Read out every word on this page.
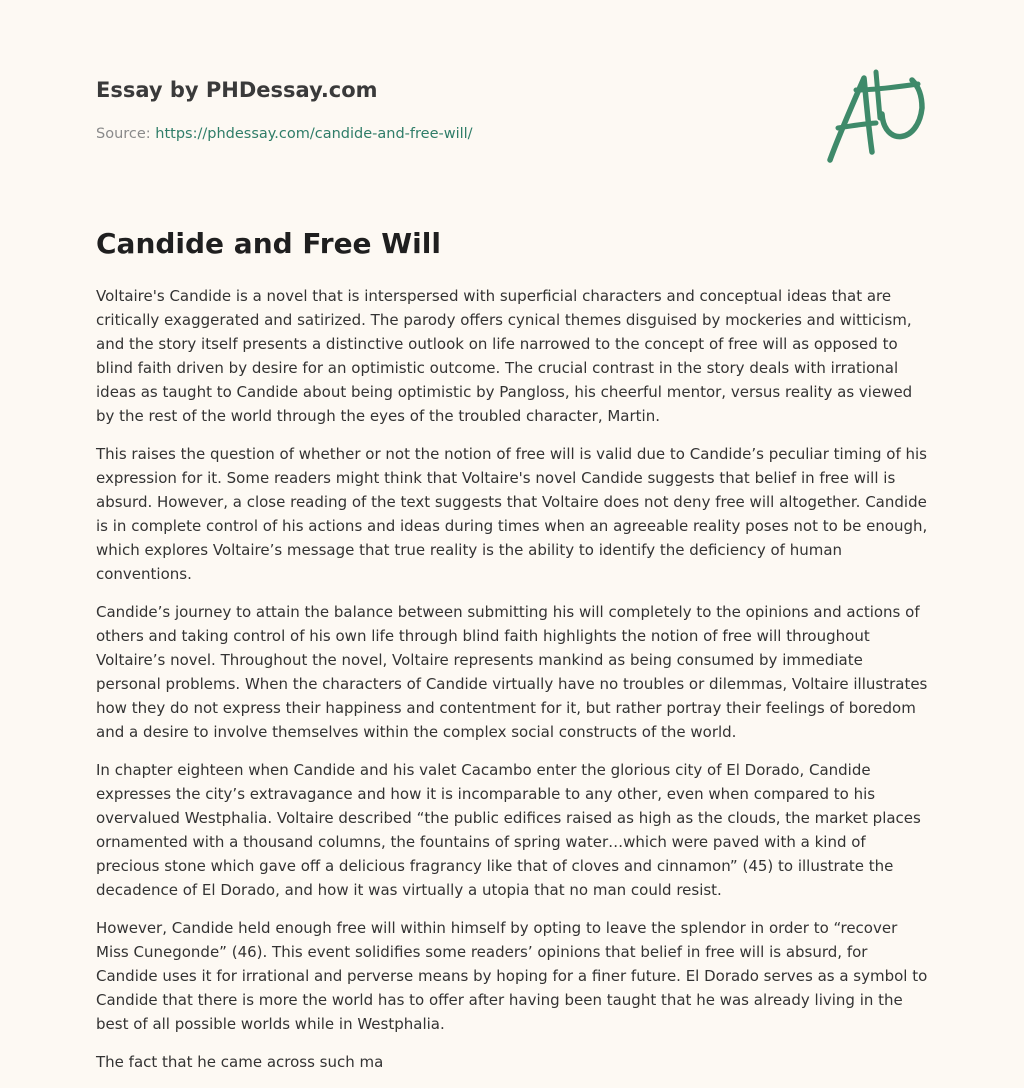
Essay by PHDessay.com
Source: https://phdessay.com/candide-and-free-will/
Candide and Free Will

Voltaire's Candide is a novel that is interspersed with superficial characters and conceptual ideas that are critically exaggerated and satirized. The parody offers cynical themes disguised by mockeries and witticism, and the story itself presents a distinctive outlook on life narrowed to the concept of free will as opposed to blind faith driven by desire for an optimistic outcome. The crucial contrast in the story deals with irrational ideas as taught to Candide about being optimistic by Pangloss, his cheerful mentor, versus reality as viewed by the rest of the world through the eyes of the troubled character, Martin.

This raises the question of whether or not the notion of free will is valid due to Candide’s peculiar timing of his expression for it. Some readers might think that Voltaire's novel Candide suggests that belief in free will is absurd. However, a close reading of the text suggests that Voltaire does not deny free will altogether. Candide is in complete control of his actions and ideas during times when an agreeable reality poses not to be enough, which explores Voltaire’s message that true reality is the ability to identify the deficiency of human conventions.

Candide’s journey to attain the balance between submitting his will completely to the opinions and actions of others and taking control of his own life through blind faith highlights the notion of free will throughout Voltaire’s novel. Throughout the novel, Voltaire represents mankind as being consumed by immediate personal problems. When the characters of Candide virtually have no troubles or dilemmas, Voltaire illustrates how they do not express their happiness and contentment for it, but rather portray their feelings of boredom and a desire to involve themselves within the complex social constructs of the world.

In chapter eighteen when Candide and his valet Cacambo enter the glorious city of El Dorado, Candide expresses the city’s extravagance and how it is incomparable to any other, even when compared to his overvalued Westphalia. Voltaire described “the public edifices raised as high as the clouds, the market places ornamented with a thousand columns, the fountains of spring water…which were paved with a kind of precious stone which gave off a delicious fragrancy like that of cloves and cinnamon” (45) to illustrate the decadence of El Dorado, and how it was virtually a utopia that no man could resist.

However, Candide held enough free will within himself by opting to leave the splendor in order to “recover Miss Cunegonde” (46). This event solidifies some readers’ opinions that belief in free will is absurd, for Candide uses it for irrational and perverse means by hoping for a finer future. El Dorado serves as a symbol to Candide that there is more the world has to offer after having been taught that he was already living in the best of all possible worlds while in Westphalia.

The fact that he came across such ma
